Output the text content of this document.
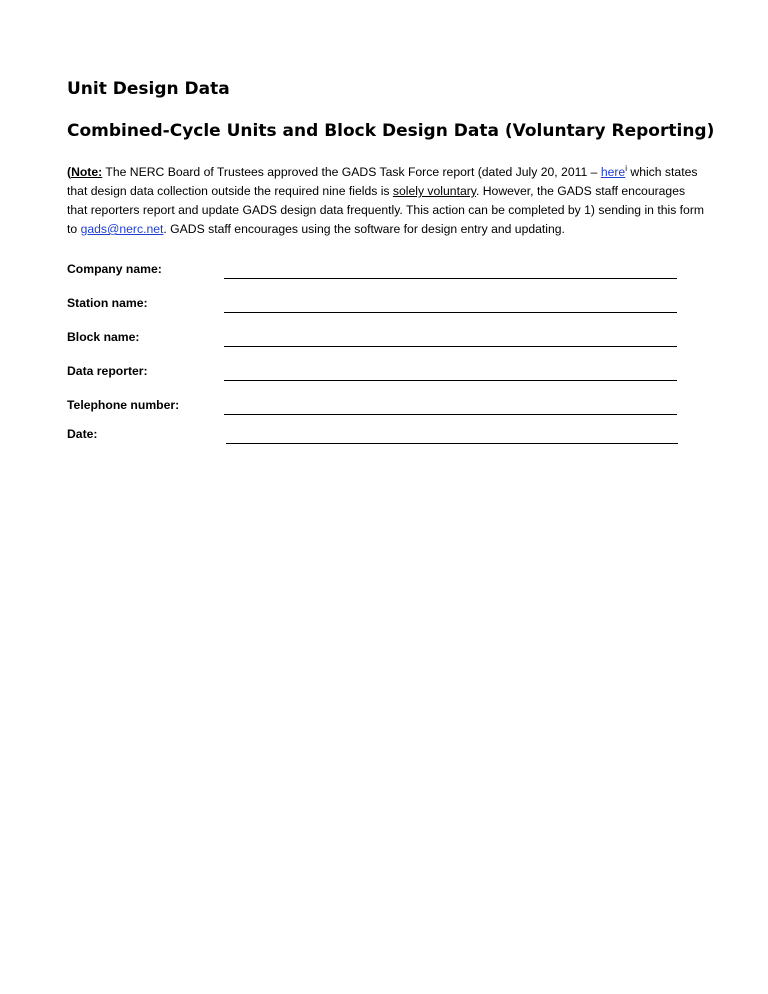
Unit Design Data
Combined-Cycle Units and Block Design Data (Voluntary Reporting)

(Note: The NERC Board of Trustees approved the GADS Task Force report (dated July 20, 2011 – here$^i$ which states that design data collection outside the required nine fields is solely voluntary. However, the GADS staff encourages that reporters report and update GADS design data frequently. This action can be completed by 1) sending in this form to gads@nerc.net. GADS staff encourages using the software for design entry and updating.

Company name:
Station name:
Block name:
Data reporter:
Telephone number:
Date:
